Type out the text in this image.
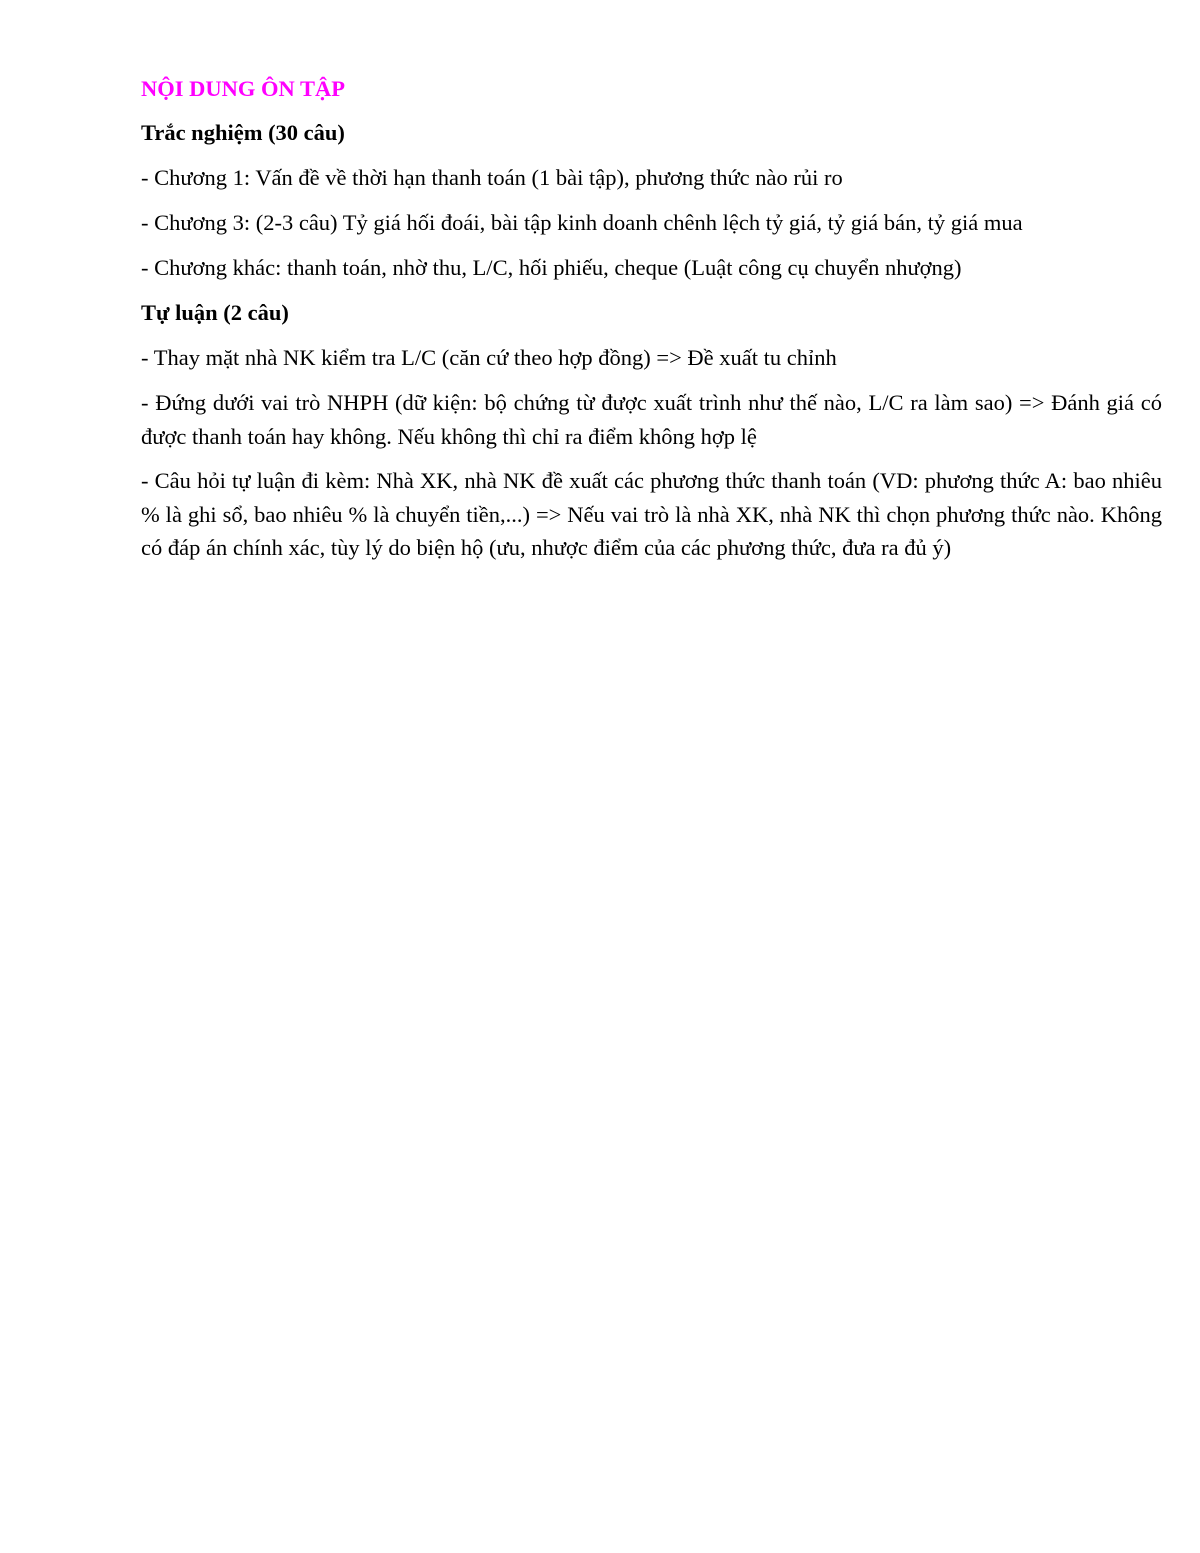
NỘI DUNG ÔN TẬP
Trắc nghiệm (30 câu)
- Chương 1: Vấn đề về thời hạn thanh toán (1 bài tập), phương thức nào rủi ro
- Chương 3: (2-3 câu) Tỷ giá hối đoái, bài tập kinh doanh chênh lệch tỷ giá, tỷ giá bán, tỷ giá mua
- Chương khác: thanh toán, nhờ thu, L/C, hối phiếu, cheque (Luật công cụ chuyển nhượng)
Tự luận (2 câu)
- Thay mặt nhà NK kiểm tra L/C (căn cứ theo hợp đồng) => Đề xuất tu chỉnh
- Đứng dưới vai trò NHPH (dữ kiện: bộ chứng từ được xuất trình như thế nào, L/C ra làm sao) => Đánh giá có được thanh toán hay không. Nếu không thì chỉ ra điểm không hợp lệ
- Câu hỏi tự luận đi kèm: Nhà XK, nhà NK đề xuất các phương thức thanh toán (VD: phương thức A: bao nhiêu % là ghi sổ, bao nhiêu % là chuyển tiền,...) => Nếu vai trò là nhà XK, nhà NK thì chọn phương thức nào. Không có đáp án chính xác, tùy lý do biện hộ (ưu, nhược điểm của các phương thức, đưa ra đủ ý)
